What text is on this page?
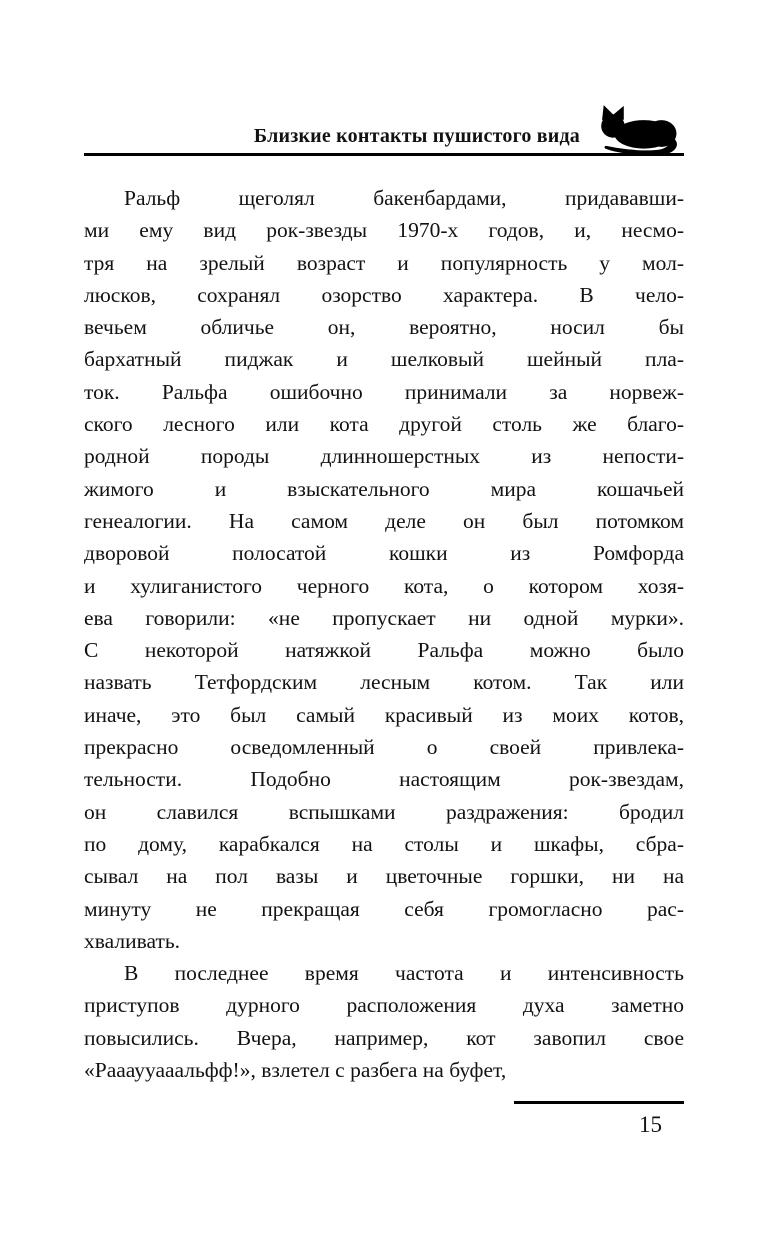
Близкие контакты пушистого вида

Ральф щеголял бакенбардами, придававши-
ми ему вид рок-звезды 1970-х годов, и, несмо-
тря на зрелый возраст и популярность у мол-
люсков, сохранял озорство характера. В чело-
вечьем обличье он, вероятно, носил бы
бархатный пиджак и шелковый шейный пла-
ток. Ральфа ошибочно принимали за норвеж-
ского лесного или кота другой столь же благо-
родной породы длинношерстных из непости-
жимого и взыскательного мира кошачьей
генеалогии. На самом деле он был потомком
дворовой полосатой кошки из Ромфорда
и хулиганистого черного кота, о котором хозя-
ева говорили: «не пропускает ни одной мурки».
С некоторой натяжкой Ральфа можно было
назвать Тетфордским лесным котом. Так или
иначе, это был самый красивый из моих котов,
прекрасно осведомленный о своей привлека-
тельности. Подобно настоящим рок-звездам,
он славился вспышками раздражения: бродил
по дому, карабкался на столы и шкафы, сбра-
сывал на пол вазы и цветочные горшки, ни на
минуту не прекращая себя громогласно рас-
хваливать.

В последнее время частота и интенсивность
приступов дурного расположения духа заметно
повысились. Вчера, например, кот завопил свое
«Раааууааальфф!», взлетел с разбега на буфет,

15
